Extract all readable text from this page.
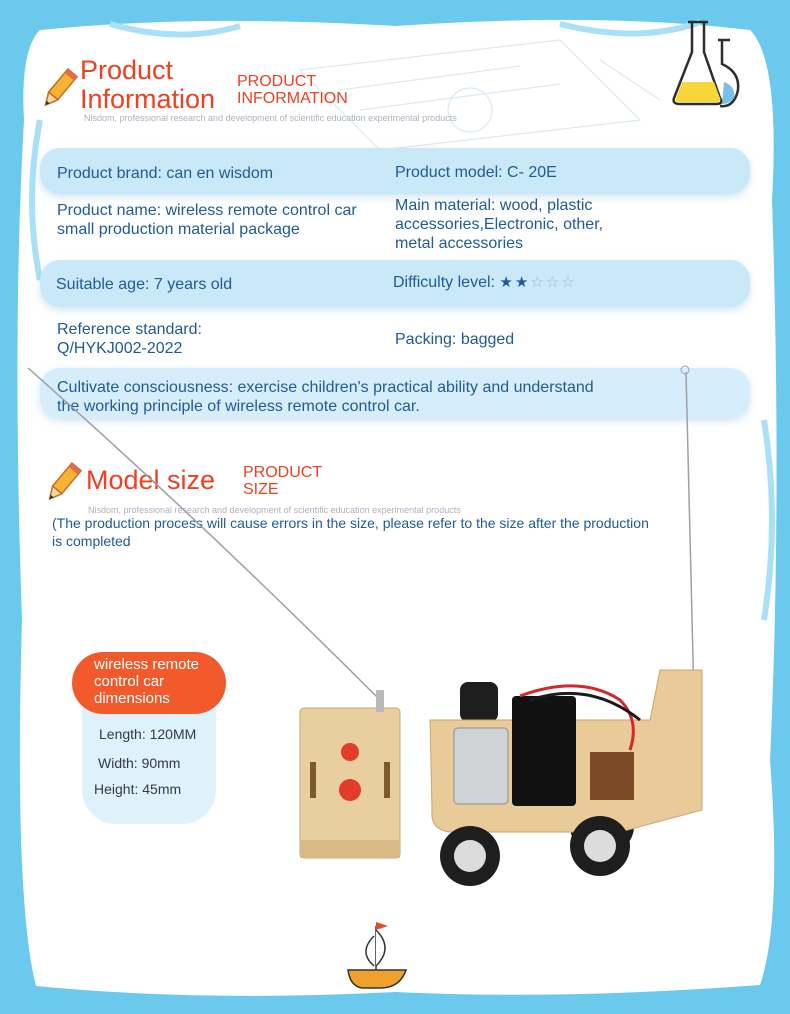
Product Information
PRODUCT INFORMATION
Nisdom, professional research and development of scientific education experimental products
Product brand: can en wisdom	Product model: C- 20E
Product name: wireless remote control car small production material package
Main material: wood, plastic accessories,Electronic, other, metal accessories
Suitable age: 7 years old	Difficulty level: ★★☆☆☆
Reference standard: Q/HYKJ002-2022
Packing: bagged
Cultivate consciousness: exercise children's practical ability and understand the working principle of wireless remote control car.
Model size PRODUCT SIZE
Nisdom, professional research and development of scientific education experimental products
(The production process will cause errors in the size, please refer to the size after the production is completed
wireless remote control car dimensions
Length: 120MM
Width: 90mm
Height: 45mm
